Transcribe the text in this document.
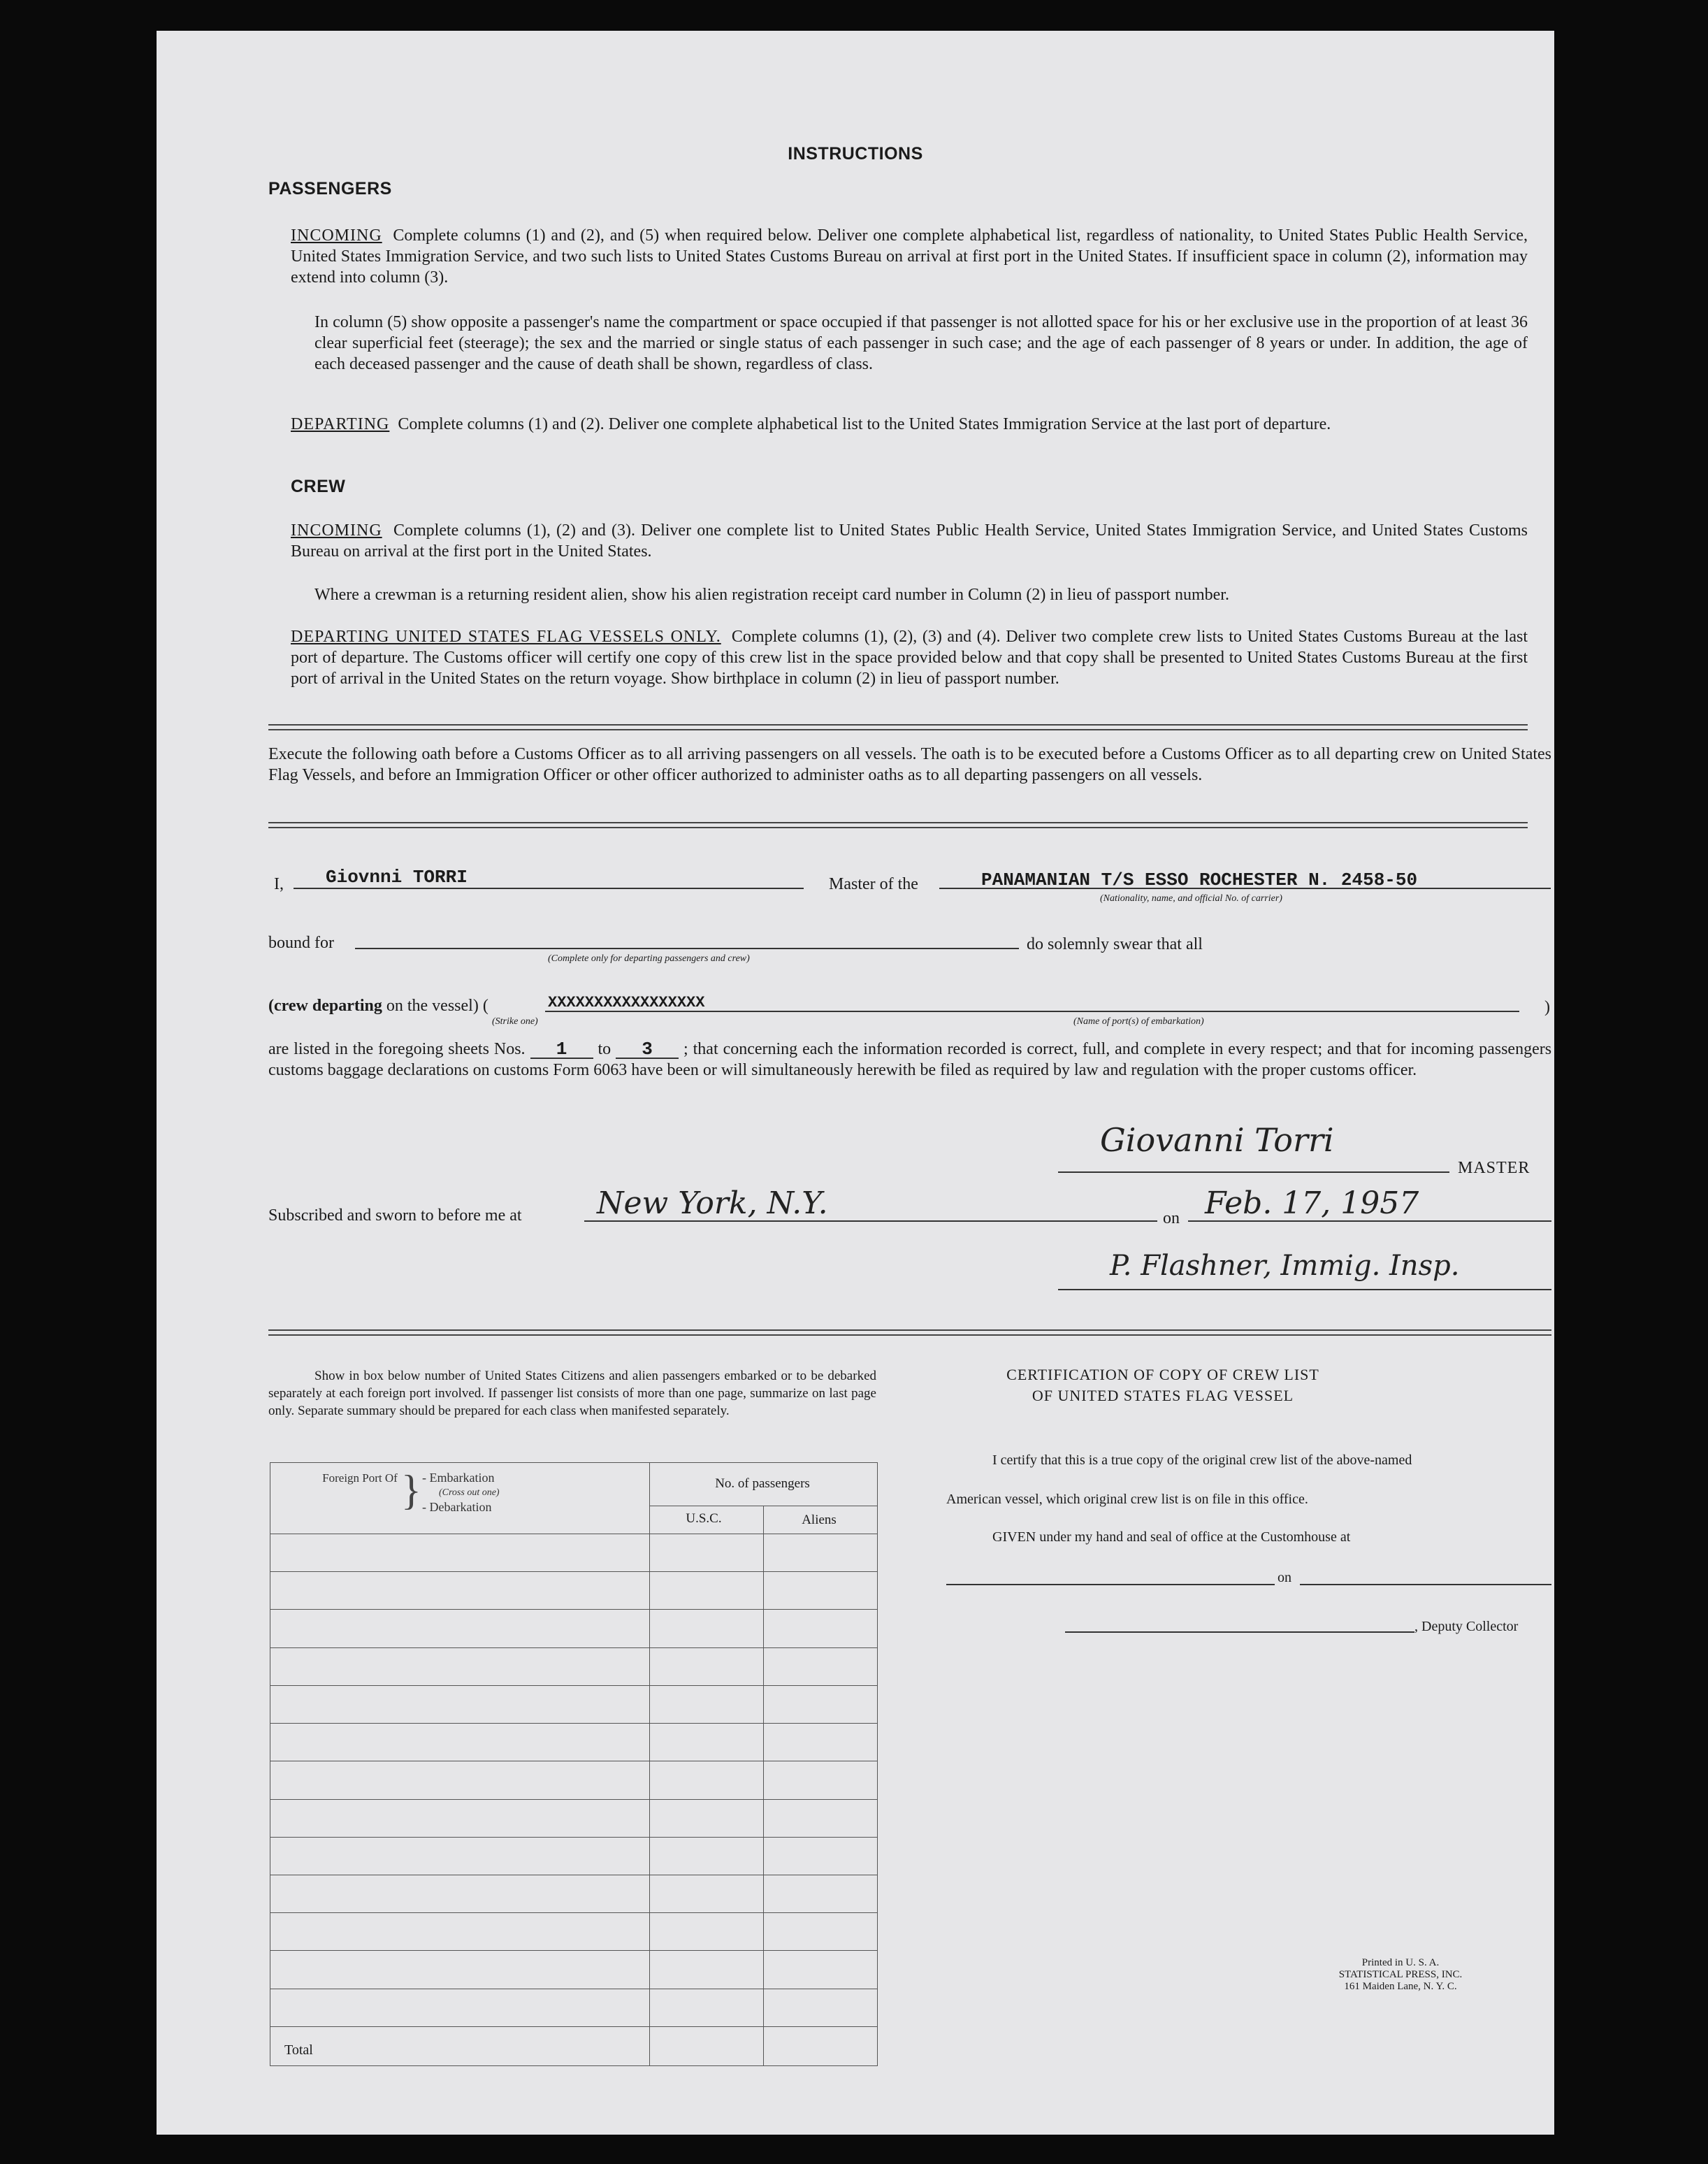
INSTRUCTIONS
PASSENGERS
INCOMING Complete columns (1) and (2), and (5) when required below. Deliver one complete alphabetical list, regardless of nationality, to United States Public Health Service, United States Immigration Service, and two such lists to United States Customs Bureau on arrival at first port in the United States. If insufficient space in column (2), information may extend into column (3).
In column (5) show opposite a passenger's name the compartment or space occupied if that passenger is not allotted space for his or her exclusive use in the proportion of at least 36 clear superficial feet (steerage); the sex and the married or single status of each passenger in such case; and the age of each passenger of 8 years or under. In addition, the age of each deceased passenger and the cause of death shall be shown, regardless of class.
DEPARTING Complete columns (1) and (2). Deliver one complete alphabetical list to the United States Immigration Service at the last port of departure.
CREW
INCOMING Complete columns (1), (2) and (3). Deliver one complete list to United States Public Health Service, United States Immigration Service, and United States Customs Bureau on arrival at the first port in the United States.
Where a crewman is a returning resident alien, show his alien registration receipt card number in Column (2) in lieu of passport number.
DEPARTING UNITED STATES FLAG VESSELS ONLY. Complete columns (1), (2), (3) and (4). Deliver two complete crew lists to United States Customs Bureau at the last port of departure. The Customs officer will certify one copy of this crew list in the space provided below and that copy shall be presented to United States Customs Bureau at the first port of arrival in the United States on the return voyage. Show birthplace in column (2) in lieu of passport number.
Execute the following oath before a Customs Officer as to all arriving passengers on all vessels. The oath is to be executed before a Customs Officer as to all departing crew on United States Flag Vessels, and before an Immigration Officer or other officer authorized to administer oaths as to all departing passengers on all vessels.
I, Giovnni TORRI	Master of the	PANAMANIAN T/S ESSO ROCHESTER N. 2458-50
(Nationality, name, and official No. of carrier)
bound for
(Complete only for departing passengers and crew)
do solemnly swear that all
(crew departing on the vessel) (	XXXXXXXXXXXXXXXXX
(Strike one)	(Name of port(s) of embarkation)
)
are listed in the foregoing sheets Nos. 1 to 3 ; that concerning each the information recorded is correct, full, and complete in every respect; and that for incoming passengers customs baggage declarations on customs Form 6063 have been or will simultaneously herewith be filed as required by law and regulation with the proper customs officer.
Giovanni Torri
MASTER
Subscribed and sworn to before me at New York, N.Y.	on Feb. 17, 1957
P. Flashner, Immig. Insp.
Show in box below number of United States Citizens and alien passengers embarked or to be debarked separately at each foreign port involved. If passenger list consists of more than one page, summarize on last page only. Separate summary should be prepared for each class when manifested separately.

Total		
Foreign Port Of } - Embarkation
(Cross out one)
- Debarkation
No. of passengers
U.S.C.	Aliens
CERTIFICATION OF COPY OF CREW LIST
OF UNITED STATES FLAG VESSEL
I certify that this is a true copy of the original crew list of the above-named
American vessel, which original crew list is on file in this office.
GIVEN under my hand and seal of office at the Customhouse at
on
, Deputy Collector
Printed in U. S. A.
STATISTICAL PRESS, INC.
161 Maiden Lane, N. Y. C.
